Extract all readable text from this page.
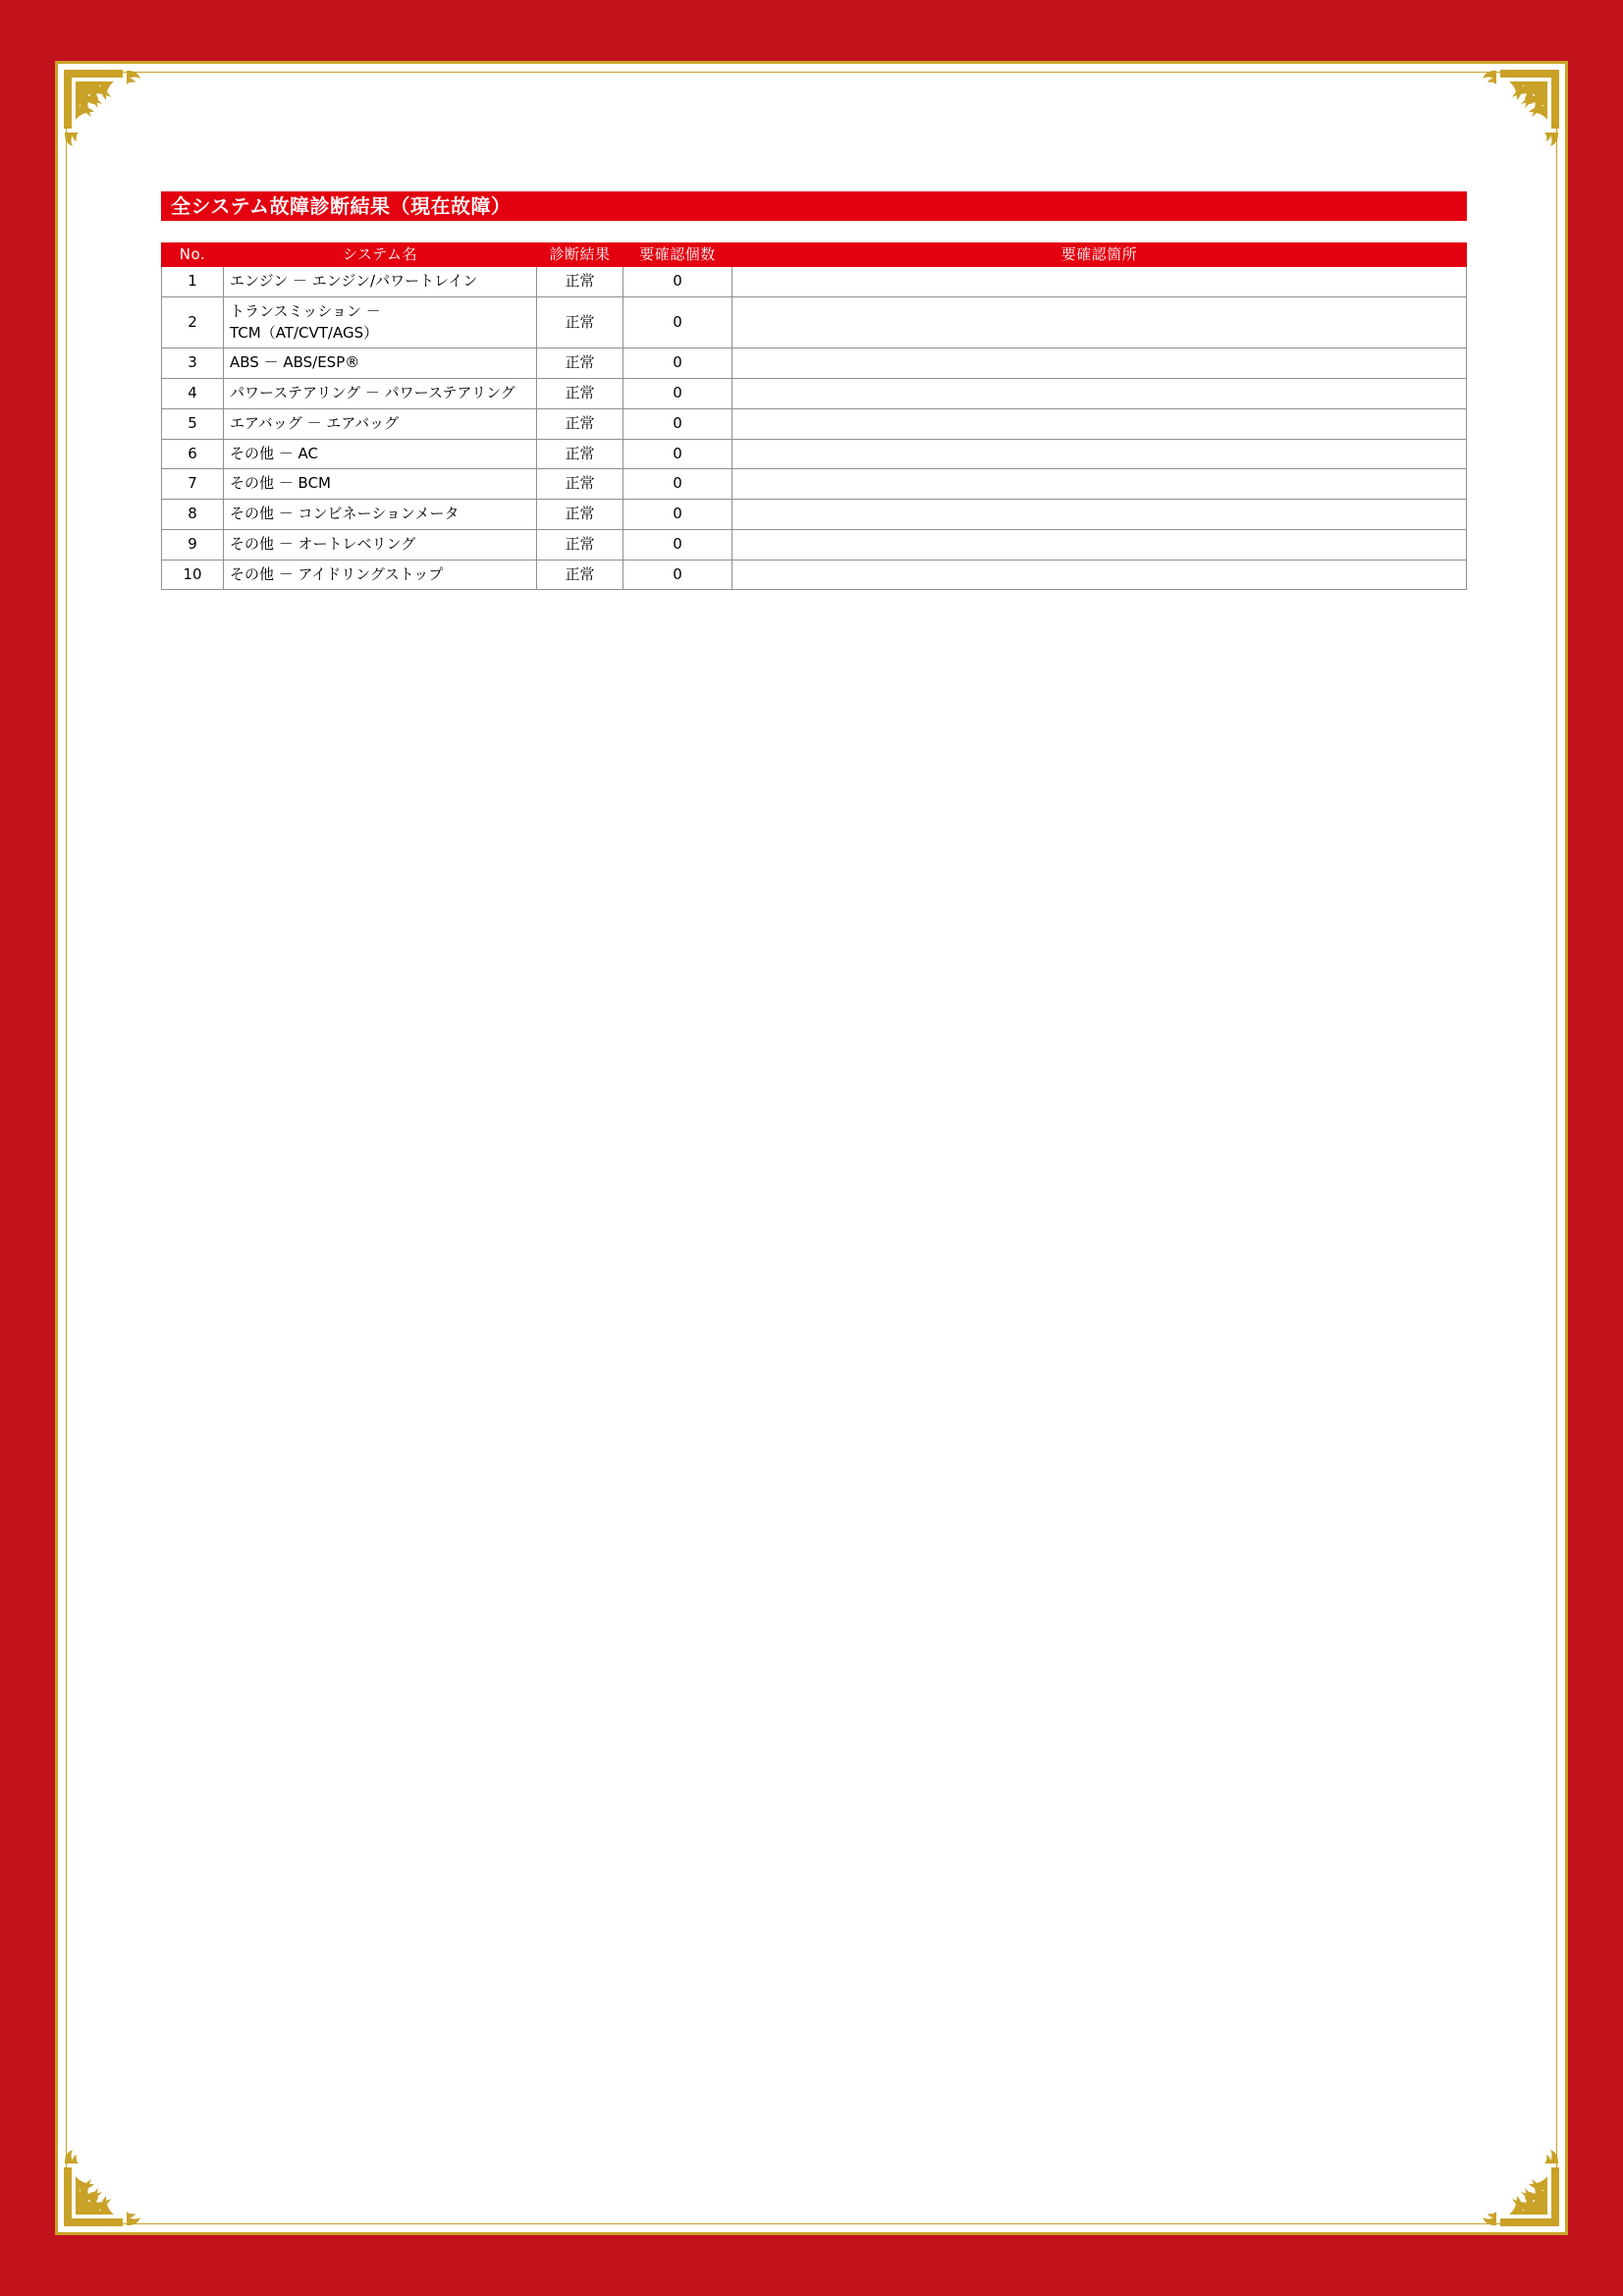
全システム故障診断結果（現在故障）
No.	システム名	診断結果	要確認個数	要確認箇所
1	エンジン － エンジン/パワートレイン	正常	0	
2	トランスミッション －
TCM（AT/CVT/AGS）	正常	0	
3	ABS － ABS/ESP®	正常	0	
4	パワーステアリング － パワーステアリング	正常	0	
5	エアバッグ － エアバッグ	正常	0	
6	その他 － AC	正常	0	
7	その他 － BCM	正常	0	
8	その他 － コンビネーションメータ	正常	0	
9	その他 － オートレベリング	正常	0	
10	その他 － アイドリングストップ	正常	0	
